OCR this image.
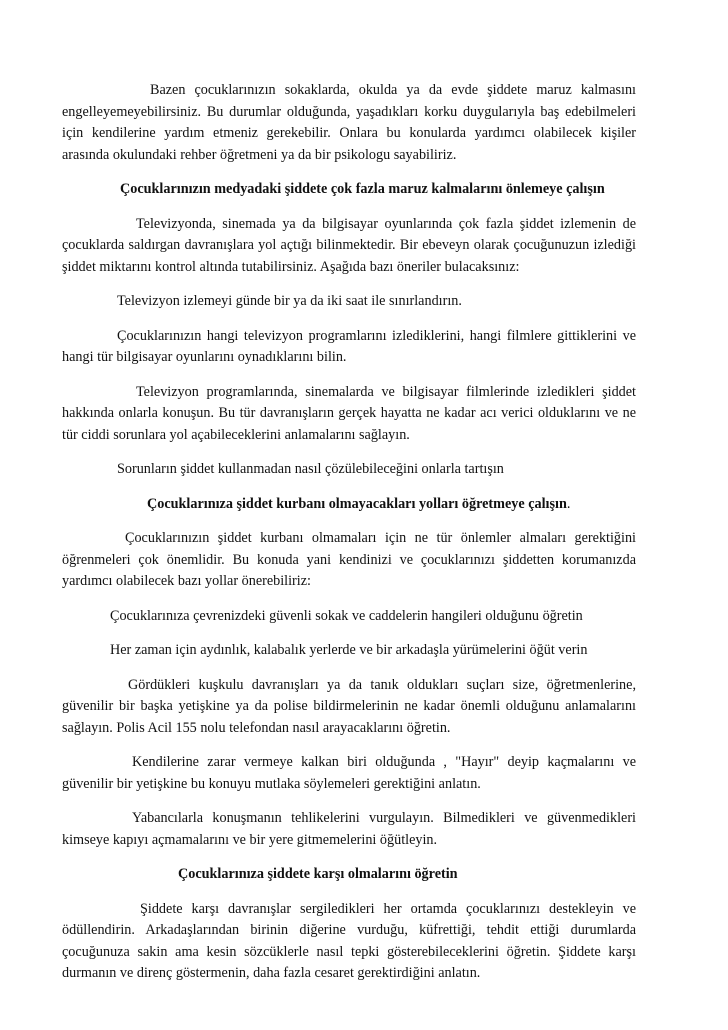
Bazen çocuklarınızın sokaklarda, okulda ya da evde şiddete maruz kalmasını engelleyemeyebilirsiniz. Bu durumlar olduğunda, yaşadıkları korku duygularıyla baş edebilmeleri için kendilerine yardım etmeniz gerekebilir. Onlara bu konularda yardımcı olabilecek kişiler arasında okulundaki rehber öğretmeni ya da bir psikologu sayabiliriz.

Çocuklarınızın medyadaki şiddete çok fazla maruz kalmalarını önlemeye çalışın

Televizyonda, sinemada ya da bilgisayar oyunlarında çok fazla şiddet izlemenin de çocuklarda saldırgan davranışlara yol açtığı bilinmektedir. Bir ebeveyn olarak çocuğunuzun izlediği şiddet miktarını kontrol altında tutabilirsiniz. Aşağıda bazı öneriler bulacaksınız:

Televizyon izlemeyi günde bir ya da iki saat ile sınırlandırın.

Çocuklarınızın hangi televizyon programlarını izlediklerini, hangi filmlere gittiklerini ve hangi tür bilgisayar oyunlarını oynadıklarını bilin.

Televizyon programlarında, sinemalarda ve bilgisayar filmlerinde izledikleri şiddet hakkında onlarla konuşun. Bu tür davranışların gerçek hayatta ne kadar acı verici olduklarını ve ne tür ciddi sorunlara yol açabileceklerini anlamalarını sağlayın.

Sorunların şiddet kullanmadan nasıl çözülebileceğini onlarla tartışın

Çocuklarınıza şiddet kurbanı olmayacakları yolları öğretmeye çalışın.

Çocuklarınızın şiddet kurbanı olmamaları için ne tür önlemler almaları gerektiğini öğrenmeleri çok önemlidir. Bu konuda yani kendinizi ve çocuklarınızı şiddetten korumanızda yardımcı olabilecek bazı yollar önerebiliriz:

Çocuklarınıza çevrenizdeki güvenli sokak ve caddelerin hangileri olduğunu öğretin

Her zaman için aydınlık, kalabalık yerlerde ve bir arkadaşla yürümelerini öğüt verin

Gördükleri kuşkulu davranışları ya da tanık oldukları suçları size, öğretmenlerine, güvenilir bir başka yetişkine ya da polise bildirmelerinin ne kadar önemli olduğunu anlamalarını sağlayın. Polis Acil 155 nolu telefondan nasıl arayacaklarını öğretin.

Kendilerine zarar vermeye kalkan biri olduğunda , "Hayır" deyip kaçmalarını ve güvenilir bir yetişkine bu konuyu mutlaka söylemeleri gerektiğini anlatın.

Yabancılarla konuşmanın tehlikelerini vurgulayın. Bilmedikleri ve güvenmedikleri kimseye kapıyı açmamalarını ve bir yere gitmemelerini öğütleyin.

Çocuklarınıza şiddete karşı olmalarını öğretin

Şiddete karşı davranışlar sergiledikleri her ortamda çocuklarınızı destekleyin ve ödüllendirin. Arkadaşlarından birinin diğerine vurduğu, küfrettiği, tehdit ettiği durumlarda çocuğunuza sakin ama kesin sözcüklerle nasıl tepki gösterebileceklerini öğretin. Şiddete karşı durmanın ve direnç göstermenin, daha fazla cesaret gerektirdiğini anlatın.
